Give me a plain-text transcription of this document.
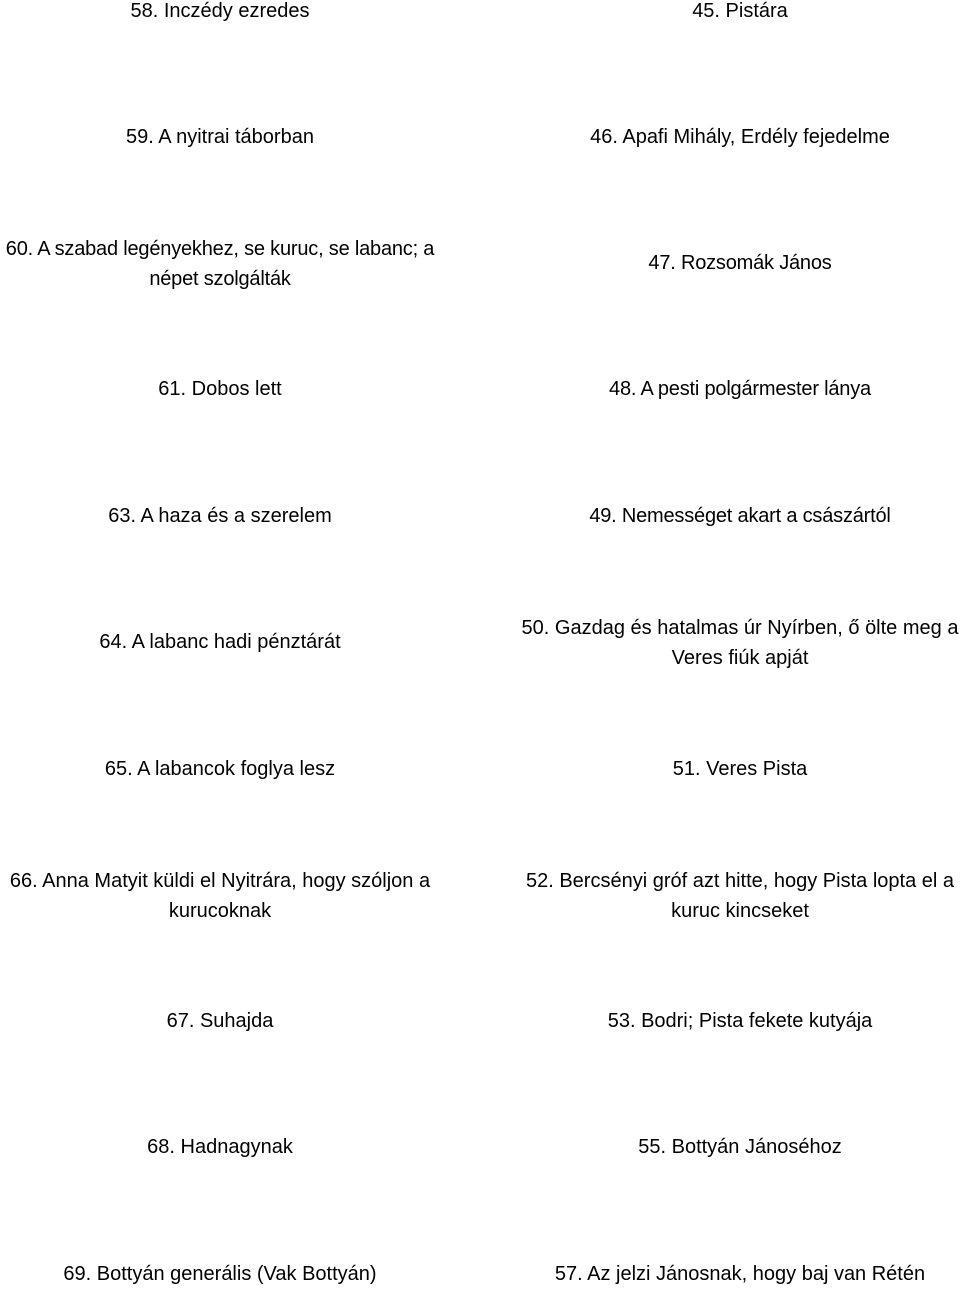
58. Inczédy ezredes
59. A nyitrai táborban
60. A szabad legényekhez, se kuruc, se labanc; a
népet szolgálták
61. Dobos lett
63. A haza és a szerelem
64. A labanc hadi pénztárát
65. A labancok foglya lesz
66. Anna Matyit küldi el Nyitrára, hogy szóljon a
kurucoknak
67. Suhajda
68. Hadnagynak
69. Bottyán generális (Vak Bottyán)
45. Pistára
46. Apafi Mihály, Erdély fejedelme
47. Rozsomák János
48. A pesti polgármester lánya
49. Nemességet akart a császártól
50. Gazdag és hatalmas úr Nyírben, ő ölte meg a
Veres fiúk apját
51. Veres Pista
52. Bercsényi gróf azt hitte, hogy Pista lopta el a
kuruc kincseket
53. Bodri; Pista fekete kutyája
55. Bottyán Jánoséhoz
57. Az jelzi Jánosnak, hogy baj van Rétén
